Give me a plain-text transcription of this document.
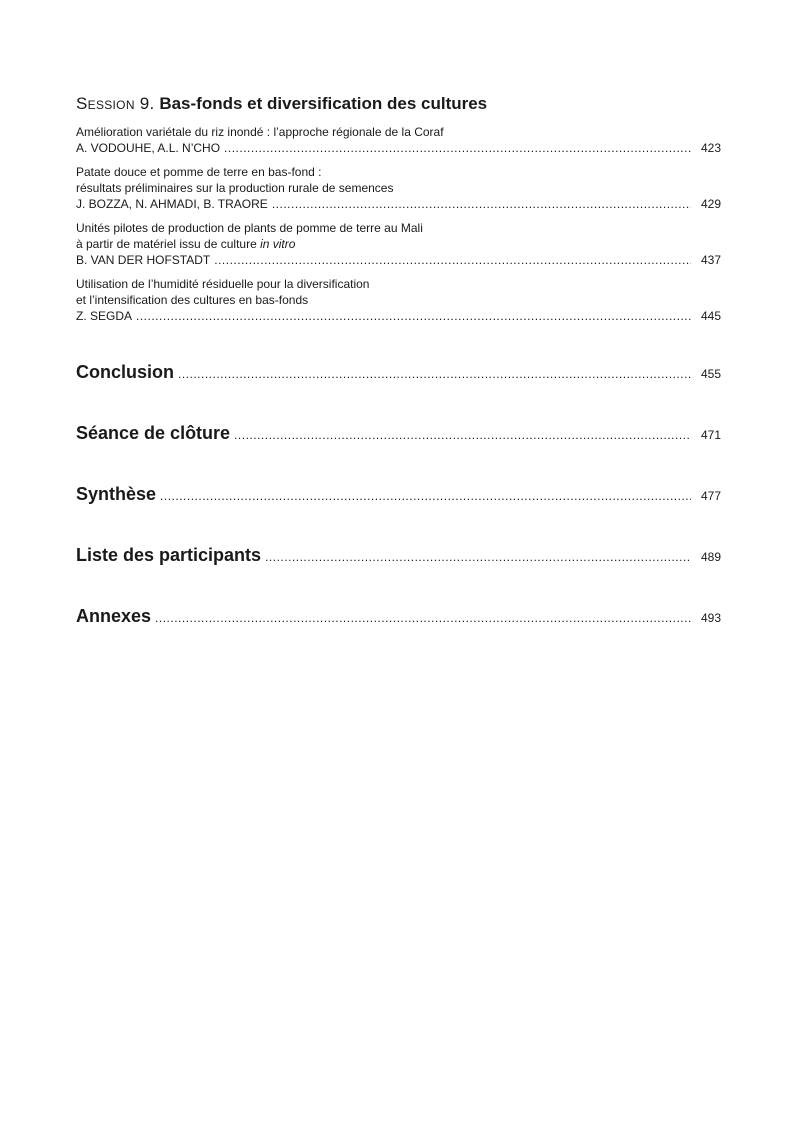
Session 9. Bas-fonds et diversification des cultures
Amélioration variétale du riz inondé : l’approche régionale de la Coraf
A. VODOUHE, A.L. N’CHO .....	423
Patate douce et pomme de terre en bas-fond :
résultats préliminaires sur la production rurale de semences
J. BOZZA, N. AHMADI, B. TRAORE .....	429
Unités pilotes de production de plants de pomme de terre au Mali
à partir de matériel issu de culture in vitro
B. VAN DER HOFSTADT .....	437
Utilisation de l’humidité résiduelle pour la diversification
et l’intensification des cultures en bas-fonds
Z. SEGDA .....	445
Conclusion .....	455
Séance de clôture .....	471
Synthèse .....	477
Liste des participants .....	489
Annexes .....	493
